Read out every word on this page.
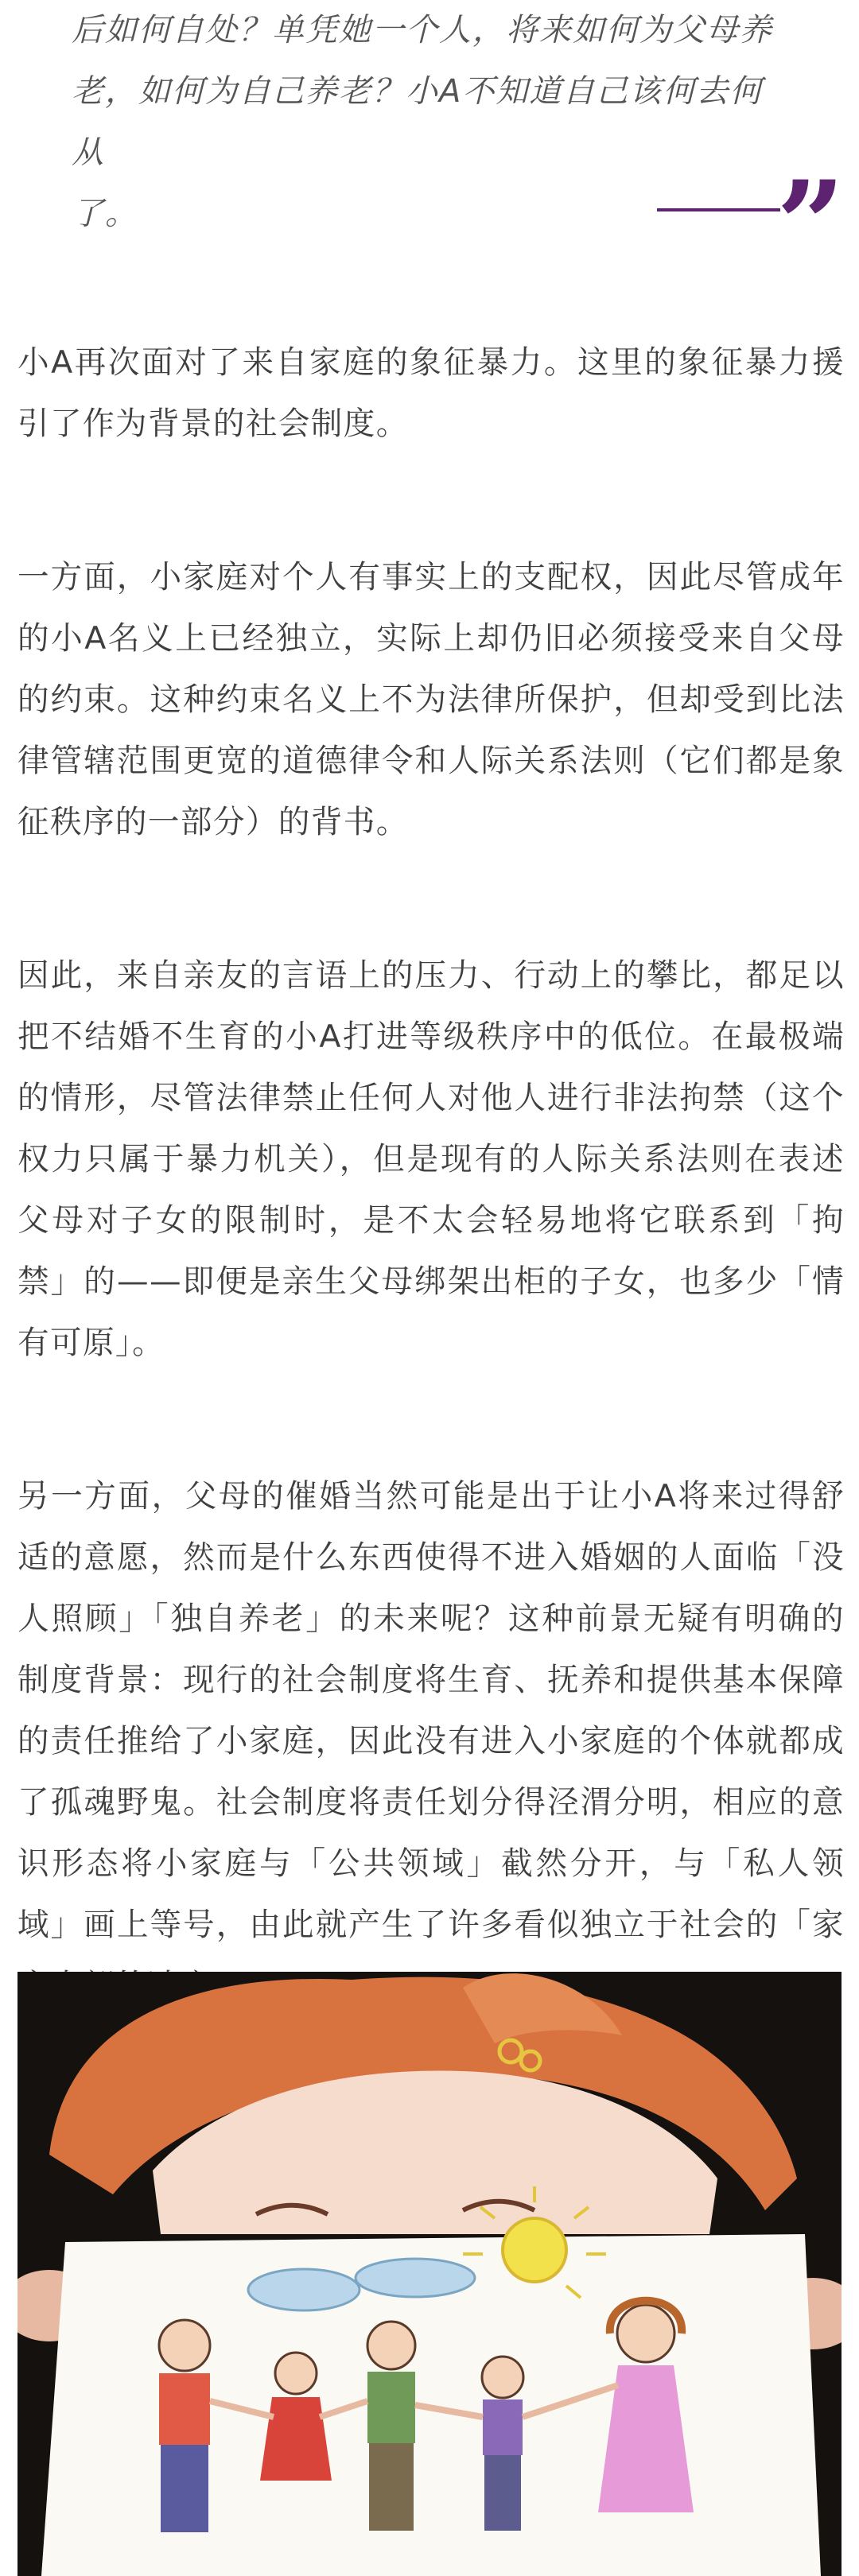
后如何自处？单凭她一个人，将来如何为父母养

老，如何为自己养老？小A不知道自己该何去何从

了。	”

小A再次面对了来自家庭的象征暴力。这里的象征暴力援引了作为背景的社会制度。

一方面，小家庭对个人有事实上的支配权，因此尽管成年的小A名义上已经独立，实际上却仍旧必须接受来自父母的约束。这种约束名义上不为法律所保护，但却受到比法律管辖范围更宽的道德律令和人际关系法则（它们都是象征秩序的一部分）的背书。

因此，来自亲友的言语上的压力、行动上的攀比，都足以把不结婚不生育的小A打进等级秩序中的低位。在最极端的情形，尽管法律禁止任何人对他人进行非法拘禁（这个权力只属于暴力机关），但是现有的人际关系法则在表述父母对子女的限制时，是不太会轻易地将它联系到「拘禁」的——即便是亲生父母绑架出柜的子女，也多少「情有可原」。

另一方面，父母的催婚当然可能是出于让小A将来过得舒适的意愿，然而是什么东西使得不进入婚姻的人面临「没人照顾」「独自养老」的未来呢？这种前景无疑有明确的制度背景：现行的社会制度将生育、抚养和提供基本保障的责任推给了小家庭，因此没有进入小家庭的个体就都成了孤魂野鬼。社会制度将责任划分得泾渭分明，相应的意识形态将小家庭与「公共领域」截然分开，与「私人领域」画上等号，由此就产生了许多看似独立于社会的「家
